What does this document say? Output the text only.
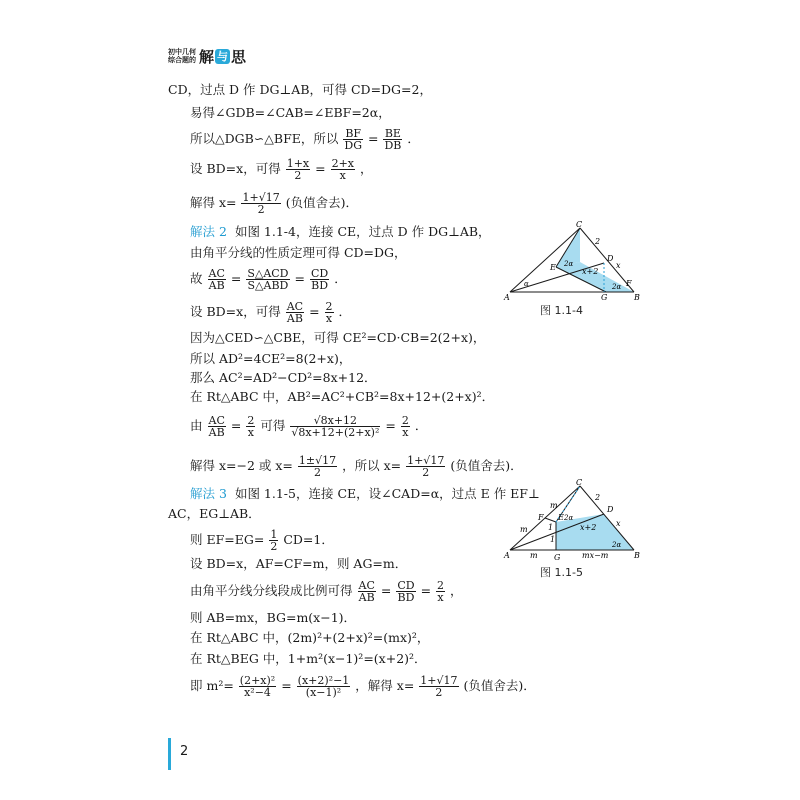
初中几何
综合题的 解 与 思
CD，过点 D 作 DG⊥AB，可得 CD=DG=2，
易得∠GDB=∠CAB=∠EBF=2α，
所以△DGB∽△BFE，所以 $\frac{BF}{DG} = \frac{BE}{DB}$ ．
设 BD=x，可得 $\frac{1+x}{2} = \frac{2+x}{x}$ ，
解得 $x= \frac{1+√17}{2}$ (负值舍去)．
解法 2 如图 1.1-4，连接 CE，过点 D 作 DG⊥AB，
由角平分线的性质定理可得 CD=DG，
故 $\frac{AC}{AB} = \frac{\text{S△ACD}}{\text{S△ABD}} = \frac{CD}{BD}$ ．
设 BD=x，可得 $\frac{AC}{AB} = \frac{2}{x}$ ．
因为△CED∽△CBE，可得 CE²=CD·CB=2(2+x)，
所以 AD²=4CE²=8(2+x)，
那么 AC²=AD²−CD²=8x+12．
在 Rt△ABC 中，AB²=AC²+CB²=8x+12+(2+x)²．
由 $\frac{AC}{AB} = \frac{2}{x}$ 可得 $\frac{√8x+12}{\text{√8x+12+(2+x)²}} = \frac{2}{x}$ ．
解得 x=−2 或 $x= \frac{1\pm√17}{2}$ ，所以 $x= \frac{1+√17}{2}$ (负值舍去)．
解法 3 如图 1.1-5，连接 CE，设∠CAD=α，过点 E 作 EF⊥
AC，EG⊥AB．
则 $EF=EG= \frac{1}{2} CD=1$．
设 BD=x，AF=CF=m，则 AG=m．
由角平分线分线段成比例可得 $\frac{AC}{AB} = \frac{CD}{BD} = \frac{2}{x}$ ，
则 AB=mx，BG=m(x−1)．
在 Rt△ABC 中，(2m)²+(2+x)²=(mx)²，
在 Rt△BEG 中，1+m²(x−1)²=(x+2)²．
即 $m^2= \frac{\text{(2+x)²}}{\text{x²−4}} = \frac{\text{(x+2)²−1}}{\text{(x−1)²}}$ ，解得 $x= \frac{1+√17}{2}$ (负值舍去)．
C
A	B
D
E
F
G
2
x
x+2
2α
2α
α
图 1.1-4
C
A	B
D
E
F
G
m
m
m
2
x
x+2
2α
2α
1
1
mx−m
图 1.1-5
2
